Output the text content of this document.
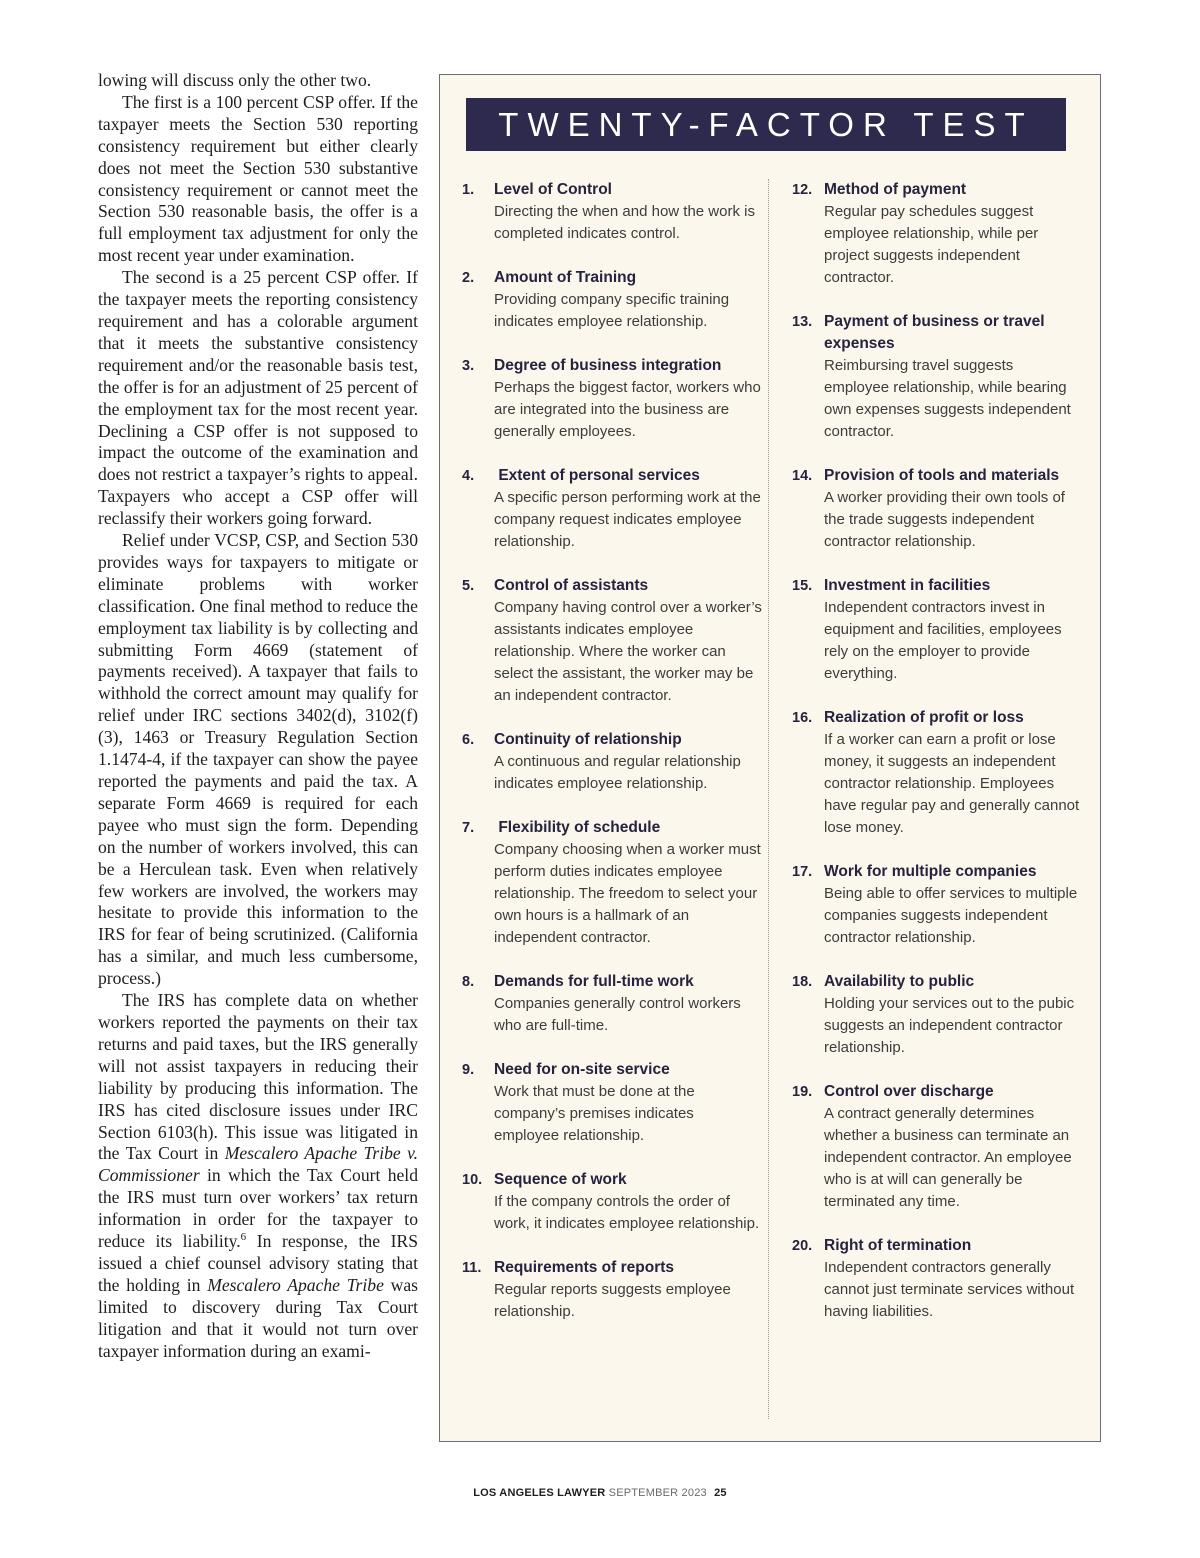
lowing will discuss only the other two.

The first is a 100 percent CSP offer. If the taxpayer meets the Section 530 reporting consistency requirement but either clearly does not meet the Section 530 substantive consistency requirement or cannot meet the Section 530 reasonable basis, the offer is a full employment tax adjustment for only the most recent year under examination.

The second is a 25 percent CSP offer. If the taxpayer meets the reporting consistency requirement and has a colorable argument that it meets the substantive consistency requirement and/or the reasonable basis test, the offer is for an adjustment of 25 percent of the employment tax for the most recent year. Declining a CSP offer is not supposed to impact the outcome of the examination and does not restrict a taxpayer’s rights to appeal. Taxpayers who accept a CSP offer will reclassify their workers going forward.

Relief under VCSP, CSP, and Section 530 provides ways for taxpayers to mitigate or eliminate problems with worker classification. One final method to reduce the employment tax liability is by collecting and submitting Form 4669 (statement of payments received). A taxpayer that fails to withhold the correct amount may qualify for relief under IRC sections 3402(d), 3102(f)(3), 1463 or Treasury Regulation Section 1.1474-4, if the taxpayer can show the payee reported the payments and paid the tax. A separate Form 4669 is required for each payee who must sign the form. Depending on the number of workers involved, this can be a Herculean task. Even when relatively few workers are involved, the workers may hesitate to provide this information to the IRS for fear of being scrutinized. (California has a similar, and much less cumbersome, process.)

The IRS has complete data on whether workers reported the payments on their tax returns and paid taxes, but the IRS generally will not assist taxpayers in reducing their liability by producing this information. The IRS has cited disclosure issues under IRC Section 6103(h). This issue was litigated in the Tax Court in Mescalero Apache Tribe v. Commissioner in which the Tax Court held the IRS must turn over workers’ tax return information in order for the taxpayer to reduce its liability.$^6$ In response, the IRS issued a chief counsel advisory stating that the holding in Mescalero Apache Tribe was limited to discovery during Tax Court litigation and that it would not turn over taxpayer information during an exami-

TWENTY-FACTOR TEST
1. Level of Control
Directing the when and how the work is completed indicates control.
2. Amount of Training
Providing company specific training indicates employee relationship.
3. Degree of business integration
Perhaps the biggest factor, workers who are integrated into the business are generally employees.
4. Extent of personal services
A specific person performing work at the company request indicates employee relationship.
5. Control of assistants
Company having control over a worker’s assistants indicates employee relationship. Where the worker can select the assistant, the worker may be an independent contractor.
6. Continuity of relationship
A continuous and regular relationship indicates employee relationship.
7. Flexibility of schedule
Company choosing when a worker must perform duties indicates employee relationship. The freedom to select your own hours is a hallmark of an independent contractor.
8. Demands for full-time work
Companies generally control workers who are full-time.
9. Need for on-site service
Work that must be done at the company’s premises indicates employee relationship.
10. Sequence of work
If the company controls the order of work, it indicates employee relationship.
11. Requirements of reports
Regular reports suggests employee relationship.
12. Method of payment
Regular pay schedules suggest employee relationship, while per project suggests independent contractor.
13. Payment of business or travel expenses
Reimbursing travel suggests employee relationship, while bearing own expenses suggests independent contractor.
14. Provision of tools and materials
A worker providing their own tools of the trade suggests independent contractor relationship.
15. Investment in facilities
Independent contractors invest in equipment and facilities, employees rely on the employer to provide everything.
16. Realization of profit or loss
If a worker can earn a profit or lose money, it suggests an independent contractor relationship. Employees have regular pay and generally cannot lose money.
17. Work for multiple companies
Being able to offer services to multiple companies suggests independent contractor relationship.
18. Availability to public
Holding your services out to the pubic suggests an independent contractor relationship.
19. Control over discharge
A contract generally determines whether a business can terminate an independent contractor. An employee who is at will can generally be terminated any time.
20. Right of termination
Independent contractors generally cannot just terminate services without having liabilities.
LOS ANGELES LAWYER SEPTEMBER 2023 25
